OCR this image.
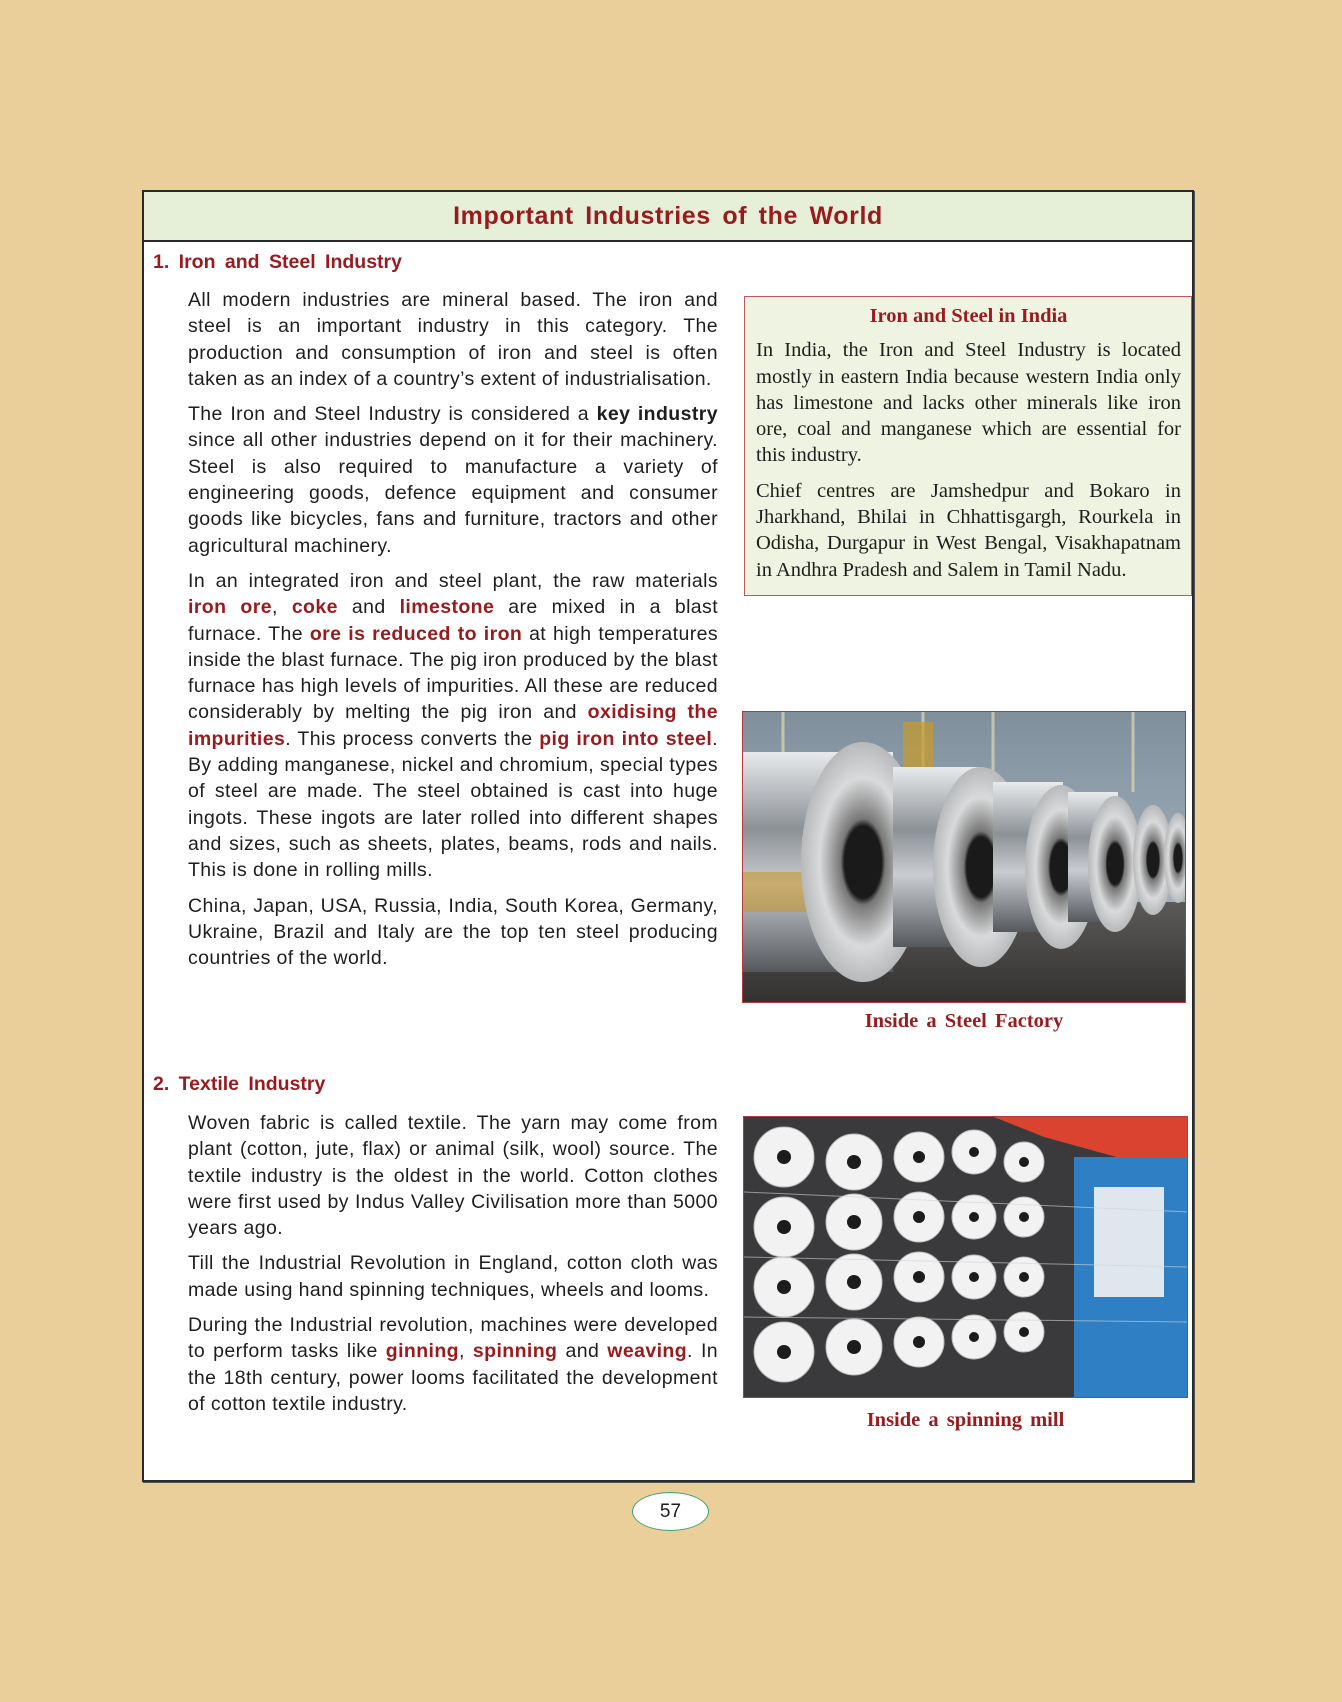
Important Industries of the World
1. Iron and Steel Industry

All modern industries are mineral based. The iron and steel is an important industry in this category. The production and consumption of iron and steel is often taken as an index of a country’s extent of industrialisation.

The Iron and Steel Industry is considered a key industry since all other industries depend on it for their machinery. Steel is also required to manufacture a variety of engineering goods, defence equipment and consumer goods like bicycles, fans and furniture, tractors and other agricultural machinery.

In an integrated iron and steel plant, the raw materials iron ore, coke and limestone are mixed in a blast furnace. The ore is reduced to iron at high temperatures inside the blast furnace. The pig iron produced by the blast furnace has high levels of impurities. All these are reduced considerably by melting the pig iron and oxidising the impurities. This process converts the pig iron into steel. By adding manganese, nickel and chromium, special types of steel are made. The steel obtained is cast into huge ingots. These ingots are later rolled into different shapes and sizes, such as sheets, plates, beams, rods and nails. This is done in rolling mills.

China, Japan, USA, Russia, India, South Korea, Germany, Ukraine, Brazil and Italy are the top ten steel producing countries of the world.

2. Textile Industry

Woven fabric is called textile. The yarn may come from plant (cotton, jute, flax) or animal (silk, wool) source. The textile industry is the oldest in the world. Cotton clothes were first used by Indus Valley Civilisation more than 5000 years ago.

Till the Industrial Revolution in England, cotton cloth was made using hand spinning techniques, wheels and looms.

During the Industrial revolution, machines were developed to perform tasks like ginning, spinning and weaving. In the 18th century, power looms facilitated the development of cotton textile industry.

Iron and Steel in India

In India, the Iron and Steel Industry is located mostly in eastern India because western India only has limestone and lacks other minerals like iron ore, coal and manganese which are essential for this industry.

Chief centres are Jamshedpur and Bokaro in Jharkhand, Bhilai in Chhattisgargh, Rourkela in Odisha, Durgapur in West Bengal, Visakhapatnam in Andhra Pradesh and Salem in Tamil Nadu.

Inside a Steel Factory
Inside a spinning mill
57
